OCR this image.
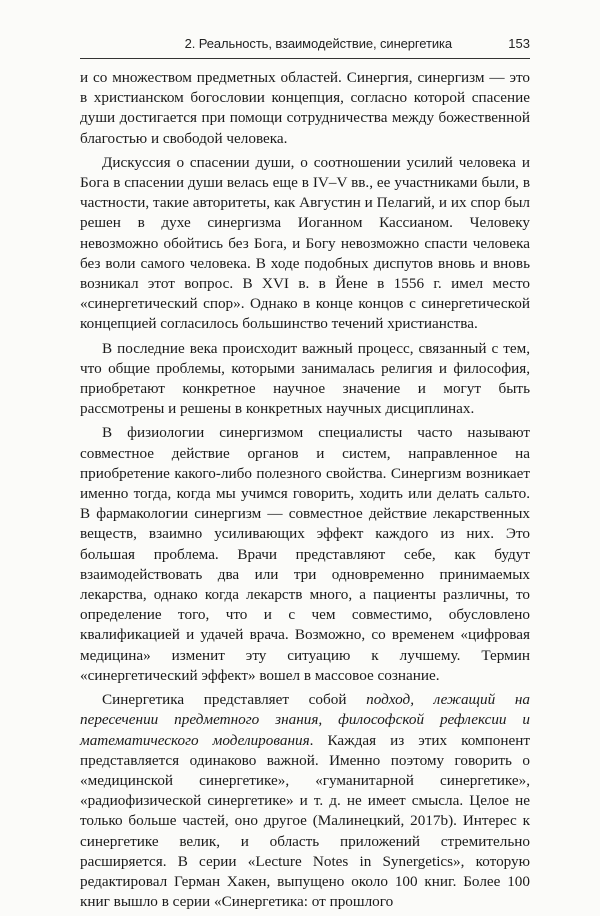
2. Реальность, взаимодействие, синергетика	153

и со множеством предметных областей. Синергия, синергизм — это в христианском богословии концепция, согласно которой спасение души достигается при помощи сотрудничества между божественной благостью и свободой человека.

Дискуссия о спасении души, о соотношении усилий человека и Бога в спасении души велась еще в IV–V вв., ее участниками были, в частности, такие авторитеты, как Августин и Пелагий, и их спор был решен в духе синергизма Иоганном Кассианом. Человеку невозможно обойтись без Бога, и Богу невозможно спасти человека без воли самого человека. В ходе подобных диспутов вновь и вновь возникал этот вопрос. В XVI в. в Йене в 1556 г. имел место «синергетический спор». Однако в конце концов с синергетической концепцией согласилось большинство течений христианства.

В последние века происходит важный процесс, связанный с тем, что общие проблемы, которыми занималась религия и философия, приобретают конкретное научное значение и могут быть рассмотрены и решены в конкретных научных дисциплинах.

В физиологии синергизмом специалисты часто называют совместное действие органов и систем, направленное на приобретение какого-либо полезного свойства. Синергизм возникает именно тогда, когда мы учимся говорить, ходить или делать сальто. В фармакологии синергизм — совместное действие лекарственных веществ, взаимно усиливающих эффект каждого из них. Это большая проблема. Врачи представляют себе, как будут взаимодействовать два или три одновременно принимаемых лекарства, однако когда лекарств много, а пациенты различны, то определение того, что и с чем совместимо, обусловлено квалификацией и удачей врача. Возможно, со временем «цифровая медицина» изменит эту ситуацию к лучшему. Термин «синергетический эффект» вошел в массовое сознание.

Синергетика представляет собой подход, лежащий на пересечении предметного знания, философской рефлексии и математического моделирования. Каждая из этих компонент представляется одинаково важной. Именно поэтому говорить о «медицинской синергетике», «гуманитарной синергетике», «радиофизической синергетике» и т. д. не имеет смысла. Целое не только больше частей, оно другое (Малинецкий, 2017b). Интерес к синергетике велик, и область приложений стремительно расширяется. В серии «Lecture Notes in Synergetics», которую редактировал Герман Хакен, выпущено около 100 книг. Более 100 книг вышло в серии «Синергетика: от прошлого
